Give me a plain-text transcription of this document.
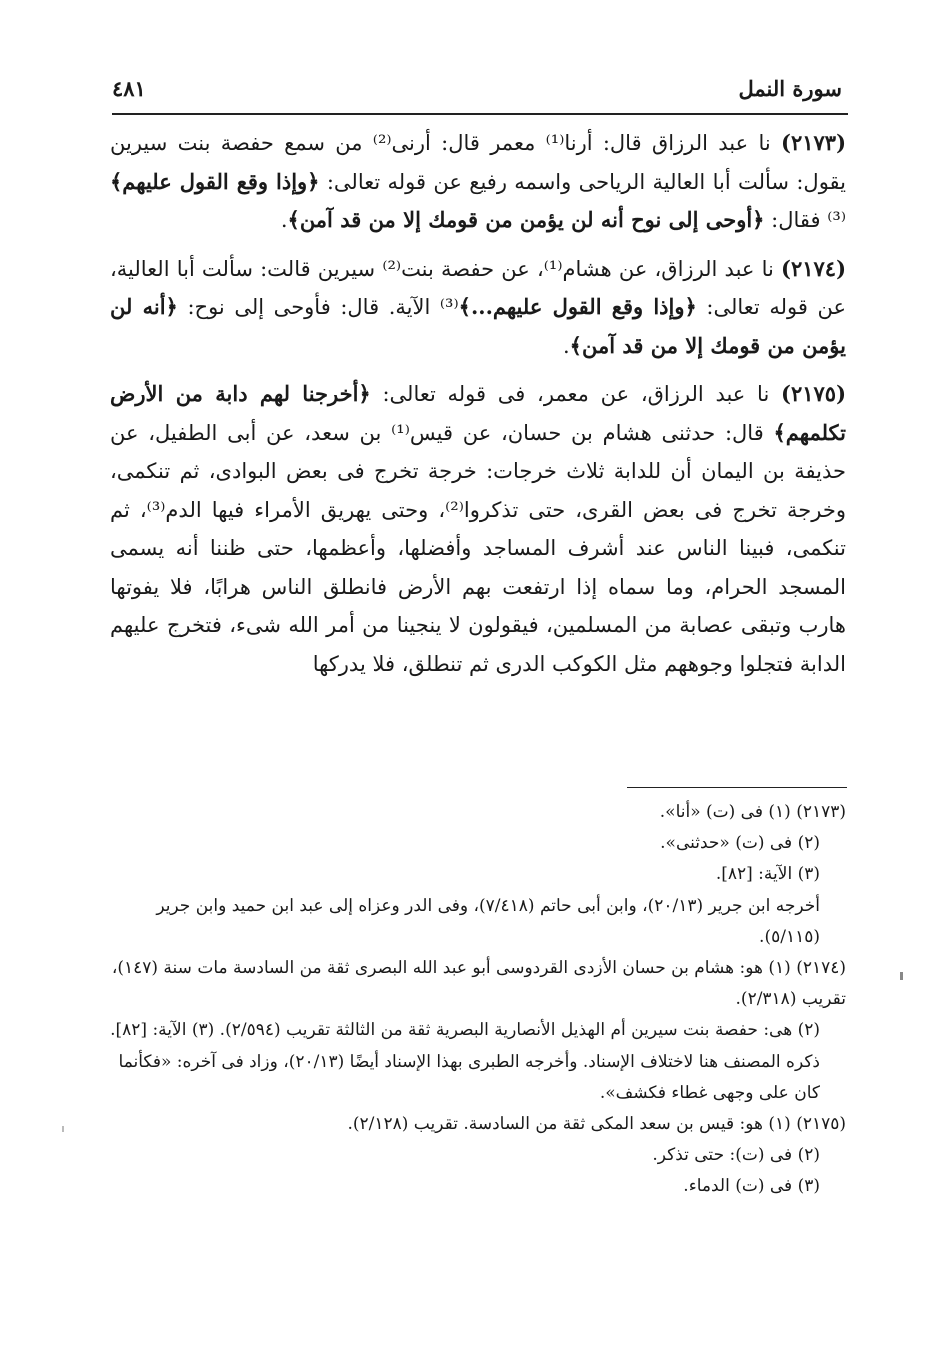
سورة النمل
٤٨١

(٢١٧٣) نا عبد الرزاق قال: أرنا⁽¹⁾ معمر قال: أرنى⁽²⁾ من سمع حفصة بنت سيرين يقول: سألت أبا العالية الرياحى واسمه رفيع عن قوله تعالى: ﴿وإذا وقع القول عليهم﴾⁽³⁾ فقال: ﴿أوحى إلى نوح أنه لن يؤمن من قومك إلا من قد آمن﴾.

(٢١٧٤) نا عبد الرزاق، عن هشام⁽¹⁾، عن حفصة بنت⁽²⁾ سيرين قالت: سألت أبا العالية، عن قوله تعالى: ﴿وإذا وقع القول عليهم...﴾⁽³⁾ الآية. قال: فأوحى إلى نوح: ﴿أنه لن يؤمن من قومك إلا من قد آمن﴾.

(٢١٧٥) نا عبد الرزاق، عن معمر، فى قوله تعالى: ﴿أخرجنا لهم دابة من الأرض تكلمهم﴾ قال: حدثنى هشام بن حسان، عن قيس⁽¹⁾ بن سعد، عن أبى الطفيل، عن حذيفة بن اليمان أن للدابة ثلاث خرجات: خرجة تخرج فى بعض البوادى، ثم تنكمى، وخرجة تخرج فى بعض القرى، حتى تذكروا⁽²⁾، وحتى يهريق الأمراء فيها الدم⁽³⁾، ثم تنكمى، فبينا الناس عند أشرف المساجد وأفضلها، وأعظمها، حتى ظننا أنه يسمى المسجد الحرام، وما سماه إذا ارتفعت بهم الأرض فانطلق الناس هرابًا، فلا يفوتها هارب وتبقى عصابة من المسلمين، فيقولون لا ينجينا من أمر الله شىء، فتخرج عليهم الدابة فتجلوا وجوههم مثل الكوكب الدرى ثم تنطلق، فلا يدركها

(٢١٧٣) (١) فى (ت) «أنا».

(٢) فى (ت) «حدثنى».

(٣) الآية: [٨٢].

أخرجه ابن جرير (٢٠/١٣)، وابن أبى حاتم (٧/٤١٨)، وفى الدر وعزاه إلى عبد ابن حميد وابن جرير (٥/١١٥).

(٢١٧٤) (١) هو: هشام بن حسان الأزدى القردوسى أبو عبد الله البصرى ثقة من السادسة مات سنة (١٤٧)، تقريب (٢/٣١٨).

(٢) هى: حفصة بنت سيرين أم الهذيل الأنصارية البصرية ثقة من الثالثة تقريب (٢/٥٩٤). (٣) الآية: [٨٢].

ذكره المصنف هنا لاختلاف الإسناد. وأخرجه الطبرى بهذا الإسناد أيضًا (٢٠/١٣)، وزاد فى آخره: «فكأنما كان على وجهى غطاء فكشف».

(٢١٧٥) (١) هو: قيس بن سعد المكى ثقة من السادسة. تقريب (٢/١٢٨).

(٢) فى (ت): حتى تذكر.

(٣) فى (ت) الدماء.
